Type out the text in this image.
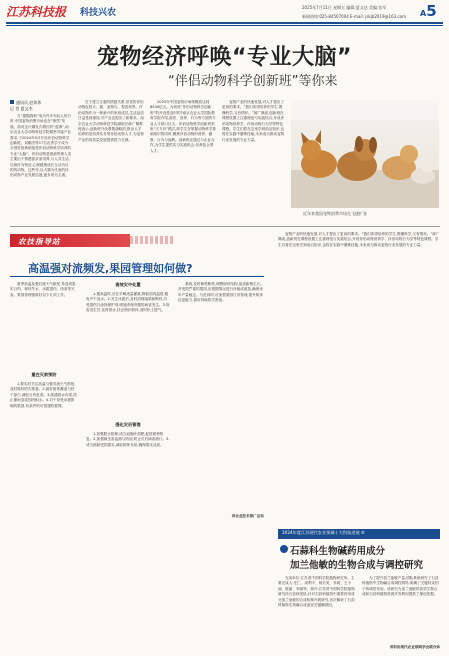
江苏科技报 科技兴农
2025年7月11日 星期五 编辑:夏文达 美编:张军
新闻热线:025-84507004 E-mail: jskjb2019@163.com A5
宠物经济呼唤“专业大脑”
“伴侣动物科学创新班”等你来
通讯员 赵玮玮
记 者 夏文杰

当“猫猫狗狗”成为许多年轻人的日常,中国宠物消费市场也在“悄然”发展。面对这片爆发式增长的“蓝海”,南京农业大学动物科技学院紧密对接产业需求,于2024年9月开设伴侣动物科学创新班。刘鹏杰等17名优秀学子成为全国首批系统接受伴侣动物科学培养的专业“大脑”。伴侣动物是指那些被人类主要出于情感需求而饲养,与人共生活,以相伴为特征,心理健康成长互动为目的的动物。这些年,以犬猫为代表的伴侣动物产业发展迅速,逐步成为主流。

在于建立互惠的情感关系,常见的伴侣动物包括犬、猫、宠物鸟、观赏鱼等。伴侣动物作为一种新兴的家庭成员,生活品质日益受到重视,对产业也提出了新要求。南京农业大学动物科技学院副院长薛广佩教授表示,创新班开设尊敬战略的,推出人才培养的是培养实务型伴侣动物人才,为宠物产业的高质量发展提供智力支撑。

2025年中国宠物市场规模将达到6540亿元。为何说“伴侣动物科学创新班”的开设是及时的?南京农业大学国际教育学院介绍,兽医、营养、行为等方面的专业人才缺口巨大。伴侣动物科学创新班采取“夫方向”模式,即学生在掌握动物科学基础知识的同时,聚焦伴侣动物的营养、健康、行为与福利。创新班还通过与企业合作,为学生提供实习实践机会,培养复合型人才。

宠物产业的快速发展,对人才提出了更高的要求。“我们希望培养的学生,既懂科学,又有情怀。”薛广佩说,创新班在课程设置上注重理论与实践结合,开设伴侣动物营养学、伴侣动物行为学等特色课程。学生们将在这里学到前沿知识,也将在实践中磨炼技能,未来成为推动宠物行业发展的专业力量。

近年来我国宠物消费市场在飞速扩张
农技指导站
高温强对流频发,果园管理如何做?

夏季高温及强对流天气频发,易造成果实日灼、树体失水、冰雹损伤、涝害等灾害。果园管理需做好以下几项工作。

重在灭前预防

1.要实时关注高温与强对流天气预报,及时做好防灾准备。2.做好树体覆盖与枝干涂白,减轻日灼危害。3.疏通排水沟渠,防止暴雨造成园内积水。4.对于易受冰雹影响的果园,有条件的可搭建防雹网。

高效灾中处置

1.遇高温时,应在早晚适量灌溉,降低园内温度,避免中午浇水。2.发生冰雹后,及时清理落果和断枝,对受损伤口涂抹保护剂,喷施杀菌剂预防病害发生。3.涝害发生后,及时排水,扶正倒伏树体,适时松土透气。

强化灾后管理

1.加强肥水管理,适当追施叶面肥,促进树势恢复。2.加强病虫害监测与防治,防止灾后病害流行。3.适当疏除受损果实,减轻树体负担,确保果实品质。

系统,及时修剪断枝,调整树体结构,促进新梢生长。对受损严重的果园,应根据情况进行补植或改造,确保来年产量稳定。与此同时,应加强果园日常管理,提升树体抗逆能力,做好持续防灾准备。

省农业技术推广总站

宠物产业的快速发展,对人才提出了更高的要求。“我们希望培养的学生,既懂科学,又有情怀。”薛广佩说,创新班在课程设置上注重理论与实践结合,开设伴侣动物营养学、伴侣动物行为学等特色课程。学生们将在这里学到前沿知识,也将在实践中磨炼技能,未来成为推动宠物行业发展的专业力量。

2024年度江苏现代农业领域十大科技进展 ⑤
石蒜科生物碱药用成分
加兰他敏的生物合成与调控研究

完成单位:江苏省中国科学院植物研究所。主要完成人:庄仁、周利平、杨宏美、乔莉、王小丽、陈丽、李丽等。简介:江苏省中国科学院植物研究所石蒜科团队,针对石蒜科植物中重要药用成分加兰他敏的合成机制开展研究,首次解析了石蒜科植物生物碱合成途径关键酶基因。

为了提升加兰他敏产量,团队系统研究了石蒜科植物中生物碱合成调控网络,明确了关键转录因子的调控作用。该研究为加兰他敏的高效生物合成和石蒜科植物资源开发利用提供了理论依据。

省科协现代农业领域学会联合体
